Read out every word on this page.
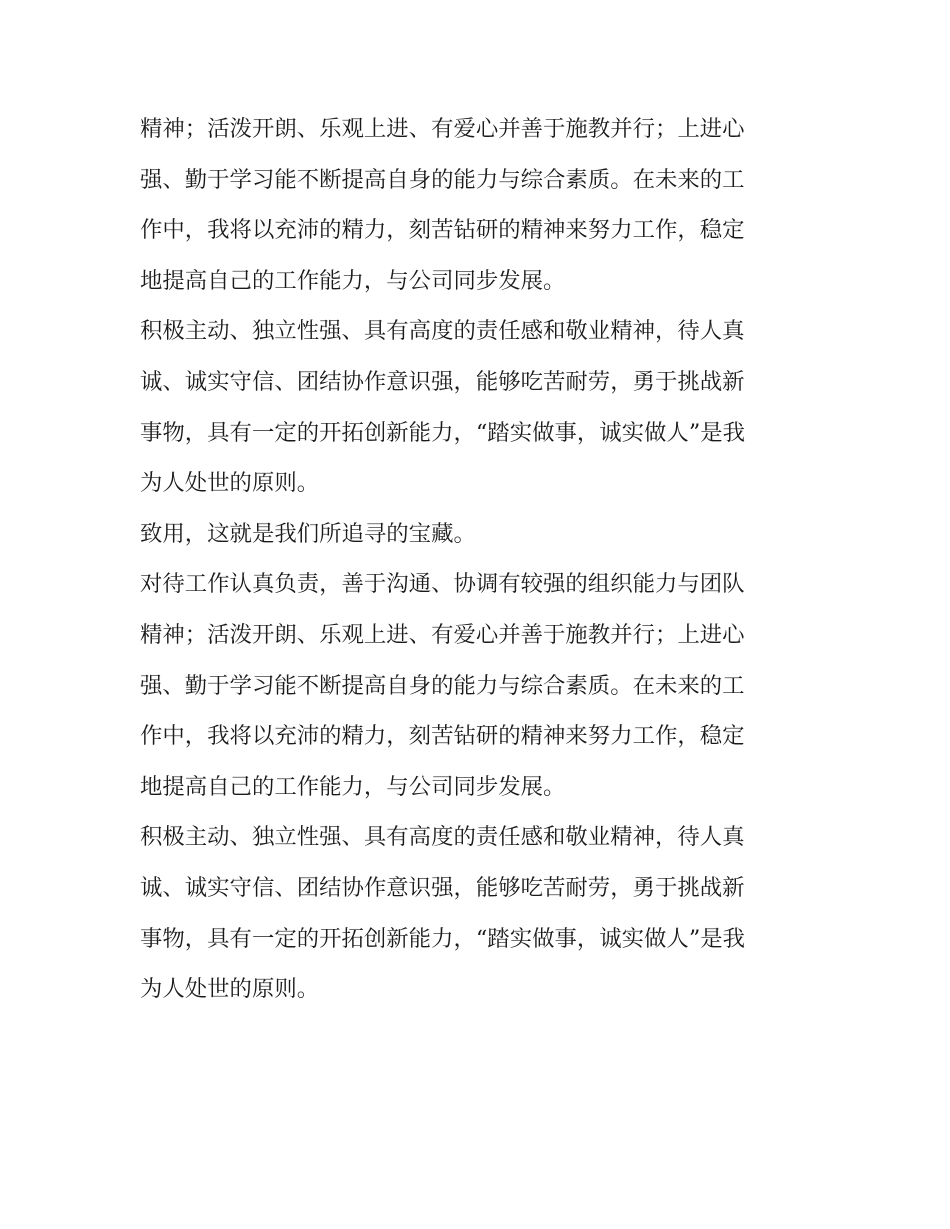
精神；活泼开朗、乐观上进、有爱心并善于施教并行；上进心
强、勤于学习能不断提高自身的能力与综合素质。在未来的工
作中，我将以充沛的精力，刻苦钻研的精神来努力工作，稳定
地提高自己的工作能力，与公司同步发展。
积极主动、独立性强、具有高度的责任感和敬业精神，待人真
诚、诚实守信、团结协作意识强，能够吃苦耐劳，勇于挑战新
事物，具有一定的开拓创新能力，“踏实做事，诚实做人”是我
为人处世的原则。
致用，这就是我们所追寻的宝藏。
对待工作认真负责，善于沟通、协调有较强的组织能力与团队
精神；活泼开朗、乐观上进、有爱心并善于施教并行；上进心
强、勤于学习能不断提高自身的能力与综合素质。在未来的工
作中，我将以充沛的精力，刻苦钻研的精神来努力工作，稳定
地提高自己的工作能力，与公司同步发展。
积极主动、独立性强、具有高度的责任感和敬业精神，待人真
诚、诚实守信、团结协作意识强，能够吃苦耐劳，勇于挑战新
事物，具有一定的开拓创新能力，“踏实做事，诚实做人”是我
为人处世的原则。
